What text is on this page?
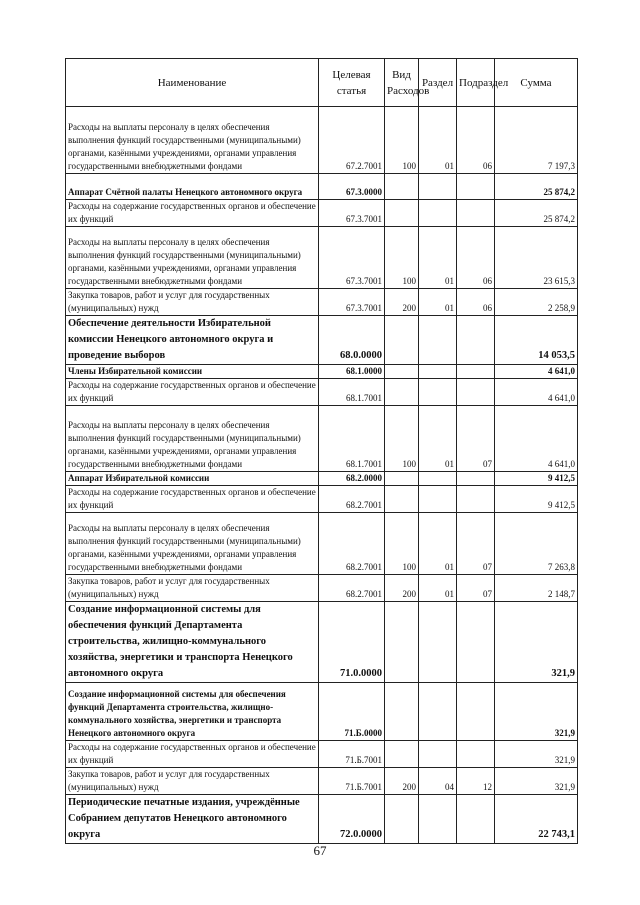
Наименование	Целевая статья	Вид Расходов	Раздел	Подраздел	Сумма
Расходы на выплаты персоналу в целях обеспечения выполнения функций государственными (муниципальными) органами, казёнными учреждениями, органами управления государственными внебюджетными фондами	67.2.7001	100	01	06	7 197,3
Аппарат Счётной палаты Ненецкого автономного округа	67.3.0000				25 874,2
Расходы на содержание государственных органов и обеспечение их функций	67.3.7001				25 874,2
Расходы на выплаты персоналу в целях обеспечения выполнения функций государственными (муниципальными) органами, казёнными учреждениями, органами управления государственными внебюджетными фондами	67.3.7001	100	01	06	23 615,3
Закупка товаров, работ и услуг для государственных (муниципальных) нужд	67.3.7001	200	01	06	2 258,9
Обеспечение деятельности Избирательной комиссии Ненецкого автономного округа и проведение выборов	68.0.0000				14 053,5
Члены Избирательной комиссии	68.1.0000				4 641,0
Расходы на содержание государственных органов и обеспечение их функций	68.1.7001				4 641,0
Расходы на выплаты персоналу в целях обеспечения выполнения функций государственными (муниципальными) органами, казёнными учреждениями, органами управления государственными внебюджетными фондами	68.1.7001	100	01	07	4 641,0
Аппарат Избирательной комиссии	68.2.0000				9 412,5
Расходы на содержание государственных органов и обеспечение их функций	68.2.7001				9 412,5
Расходы на выплаты персоналу в целях обеспечения выполнения функций государственными (муниципальными) органами, казёнными учреждениями, органами управления государственными внебюджетными фондами	68.2.7001	100	01	07	7 263,8
Закупка товаров, работ и услуг для государственных (муниципальных) нужд	68.2.7001	200	01	07	2 148,7
Создание информационной системы для обеспечения функций Департамента строительства, жилищно-коммунального хозяйства, энергетики и транспорта Ненецкого автономного округа	71.0.0000				321,9
Создание информационной системы для обеспечения функций Департамента строительства, жилищно-коммунального хозяйства, энергетики и транспорта Ненецкого автономного округа	71.Б.0000				321,9
Расходы на содержание государственных органов и обеспечение их функций	71.Б.7001				321,9
Закупка товаров, работ и услуг для государственных (муниципальных) нужд	71.Б.7001	200	04	12	321,9
Периодические печатные издания, учреждённые Собранием депутатов Ненецкого автономного округа	72.0.0000				22 743,1
67
